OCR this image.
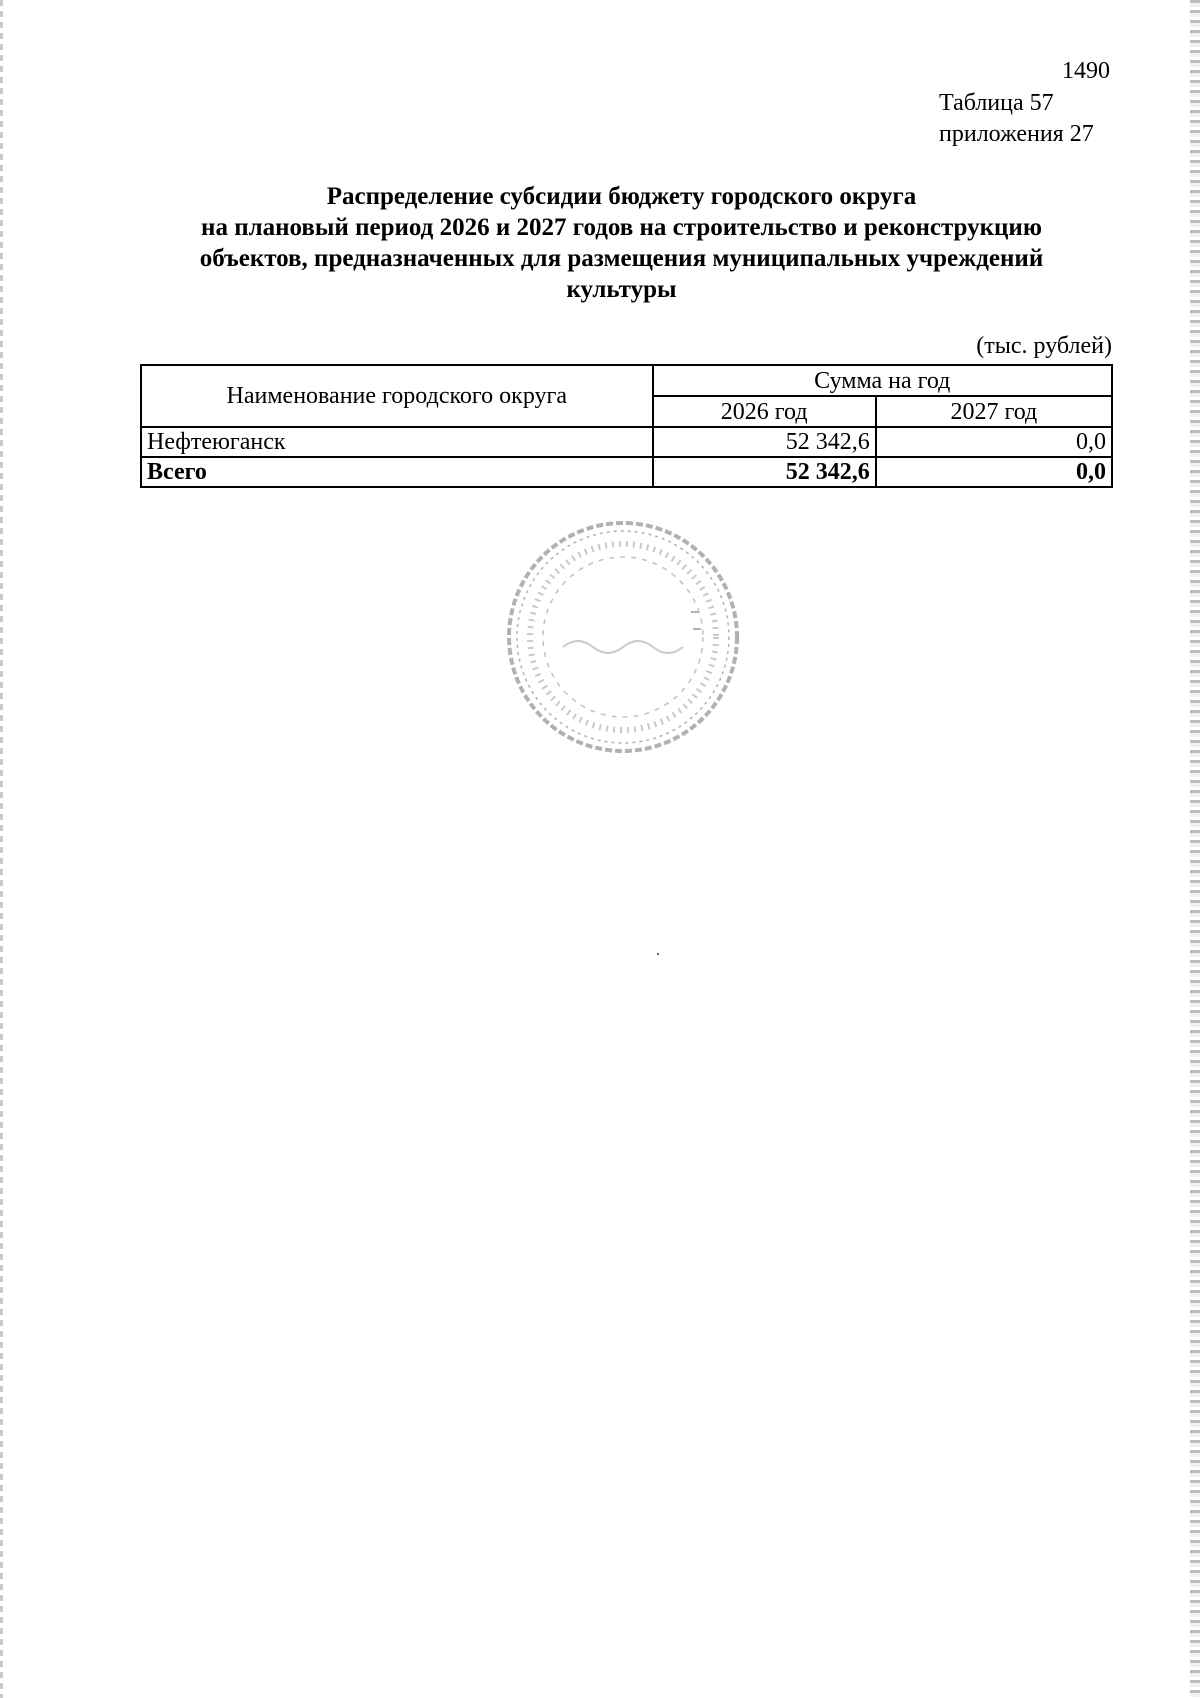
1490
Таблица 57
приложения 27
Распределение субсидии бюджету городского округа
на плановый период 2026 и 2027 годов на строительство и реконструкцию
объектов, предназначенных для размещения муниципальных учреждений
культуры
(тыс. рублей)
Наименование городского округа	Сумма на год	
	2026 год	2027 год
Нефтеюганск	52 342,6	0,0
Всего	52 342,6	0,0
